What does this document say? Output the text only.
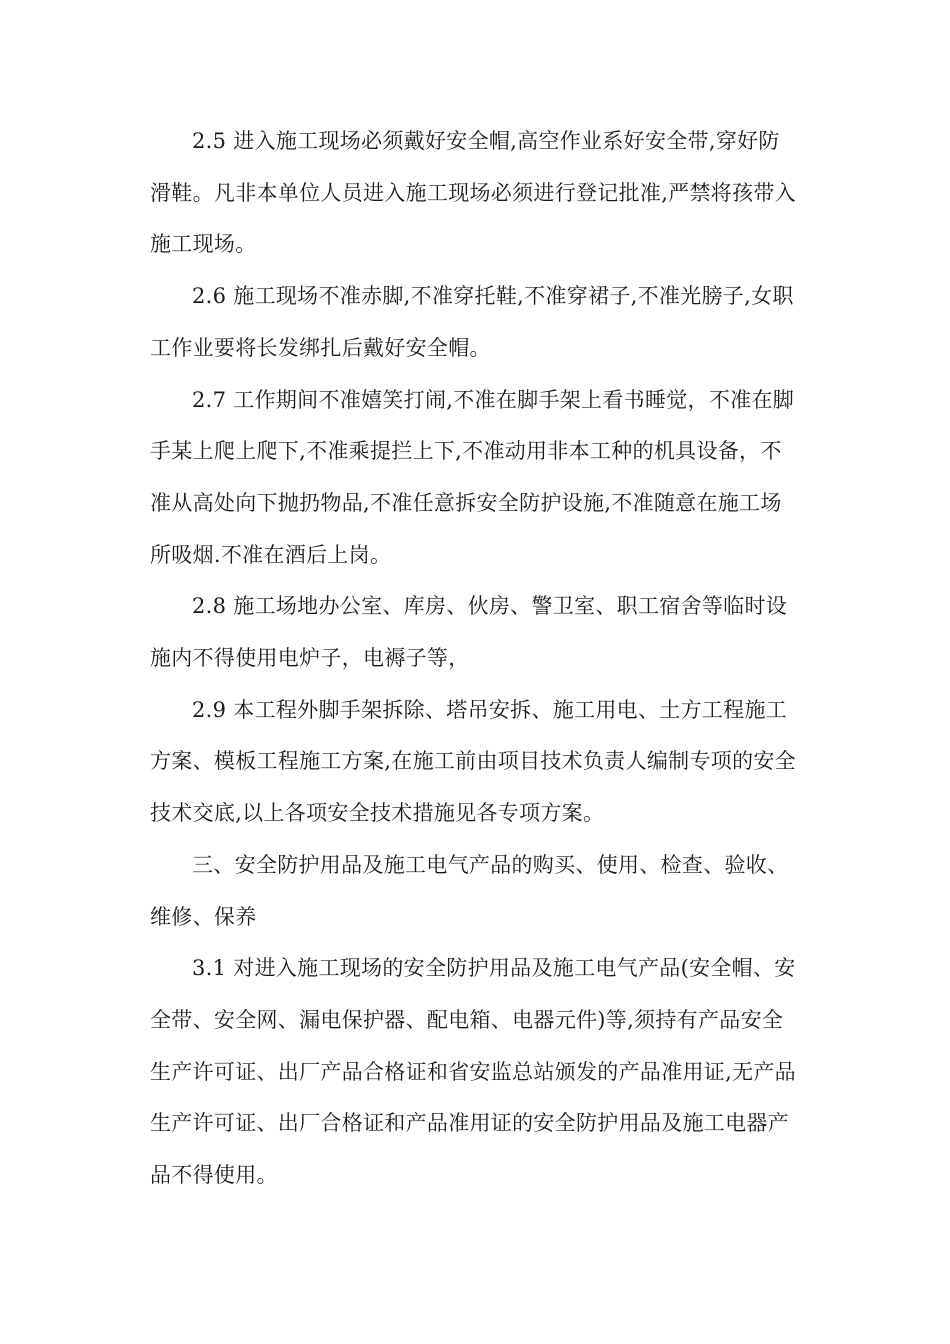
2.5 进入施工现场必须戴好安全帽,高空作业系好安全带,穿好防滑鞋。凡非本单位人员进入施工现场必须进行登记批准,严禁将孩带入施工现场。

2.6 施工现场不准赤脚,不准穿托鞋,不准穿裙子,不准光膀子,女职工作业要将长发绑扎后戴好安全帽。

2.7 工作期间不准嬉笑打闹,不准在脚手架上看书睡觉，不准在脚手某上爬上爬下,不准乘提拦上下,不准动用非本工种的机具设备，不准从高处向下抛扔物品,不准任意拆安全防护设施,不准随意在施工场所吸烟.不准在酒后上岗。

2.8 施工场地办公室、库房、伙房、警卫室、职工宿舍等临时设施内不得使用电炉子，电褥子等，

2.9 本工程外脚手架拆除、塔吊安拆、施工用电、土方工程施工方案、模板工程施工方案,在施工前由项目技术负责人编制专项的安全技术交底,以上各项安全技术措施见各专项方案。

三、安全防护用品及施工电气产品的购买、使用、检查、验收、维修、保养

3.1 对进入施工现场的安全防护用品及施工电气产品(安全帽、安全带、安全网、漏电保护器、配电箱、电器元件)等,须持有产品安全生产许可证、出厂产品合格证和省安监总站颁发的产品准用证,无产品生产许可证、出厂合格证和产品准用证的安全防护用品及施工电器产品不得使用。
